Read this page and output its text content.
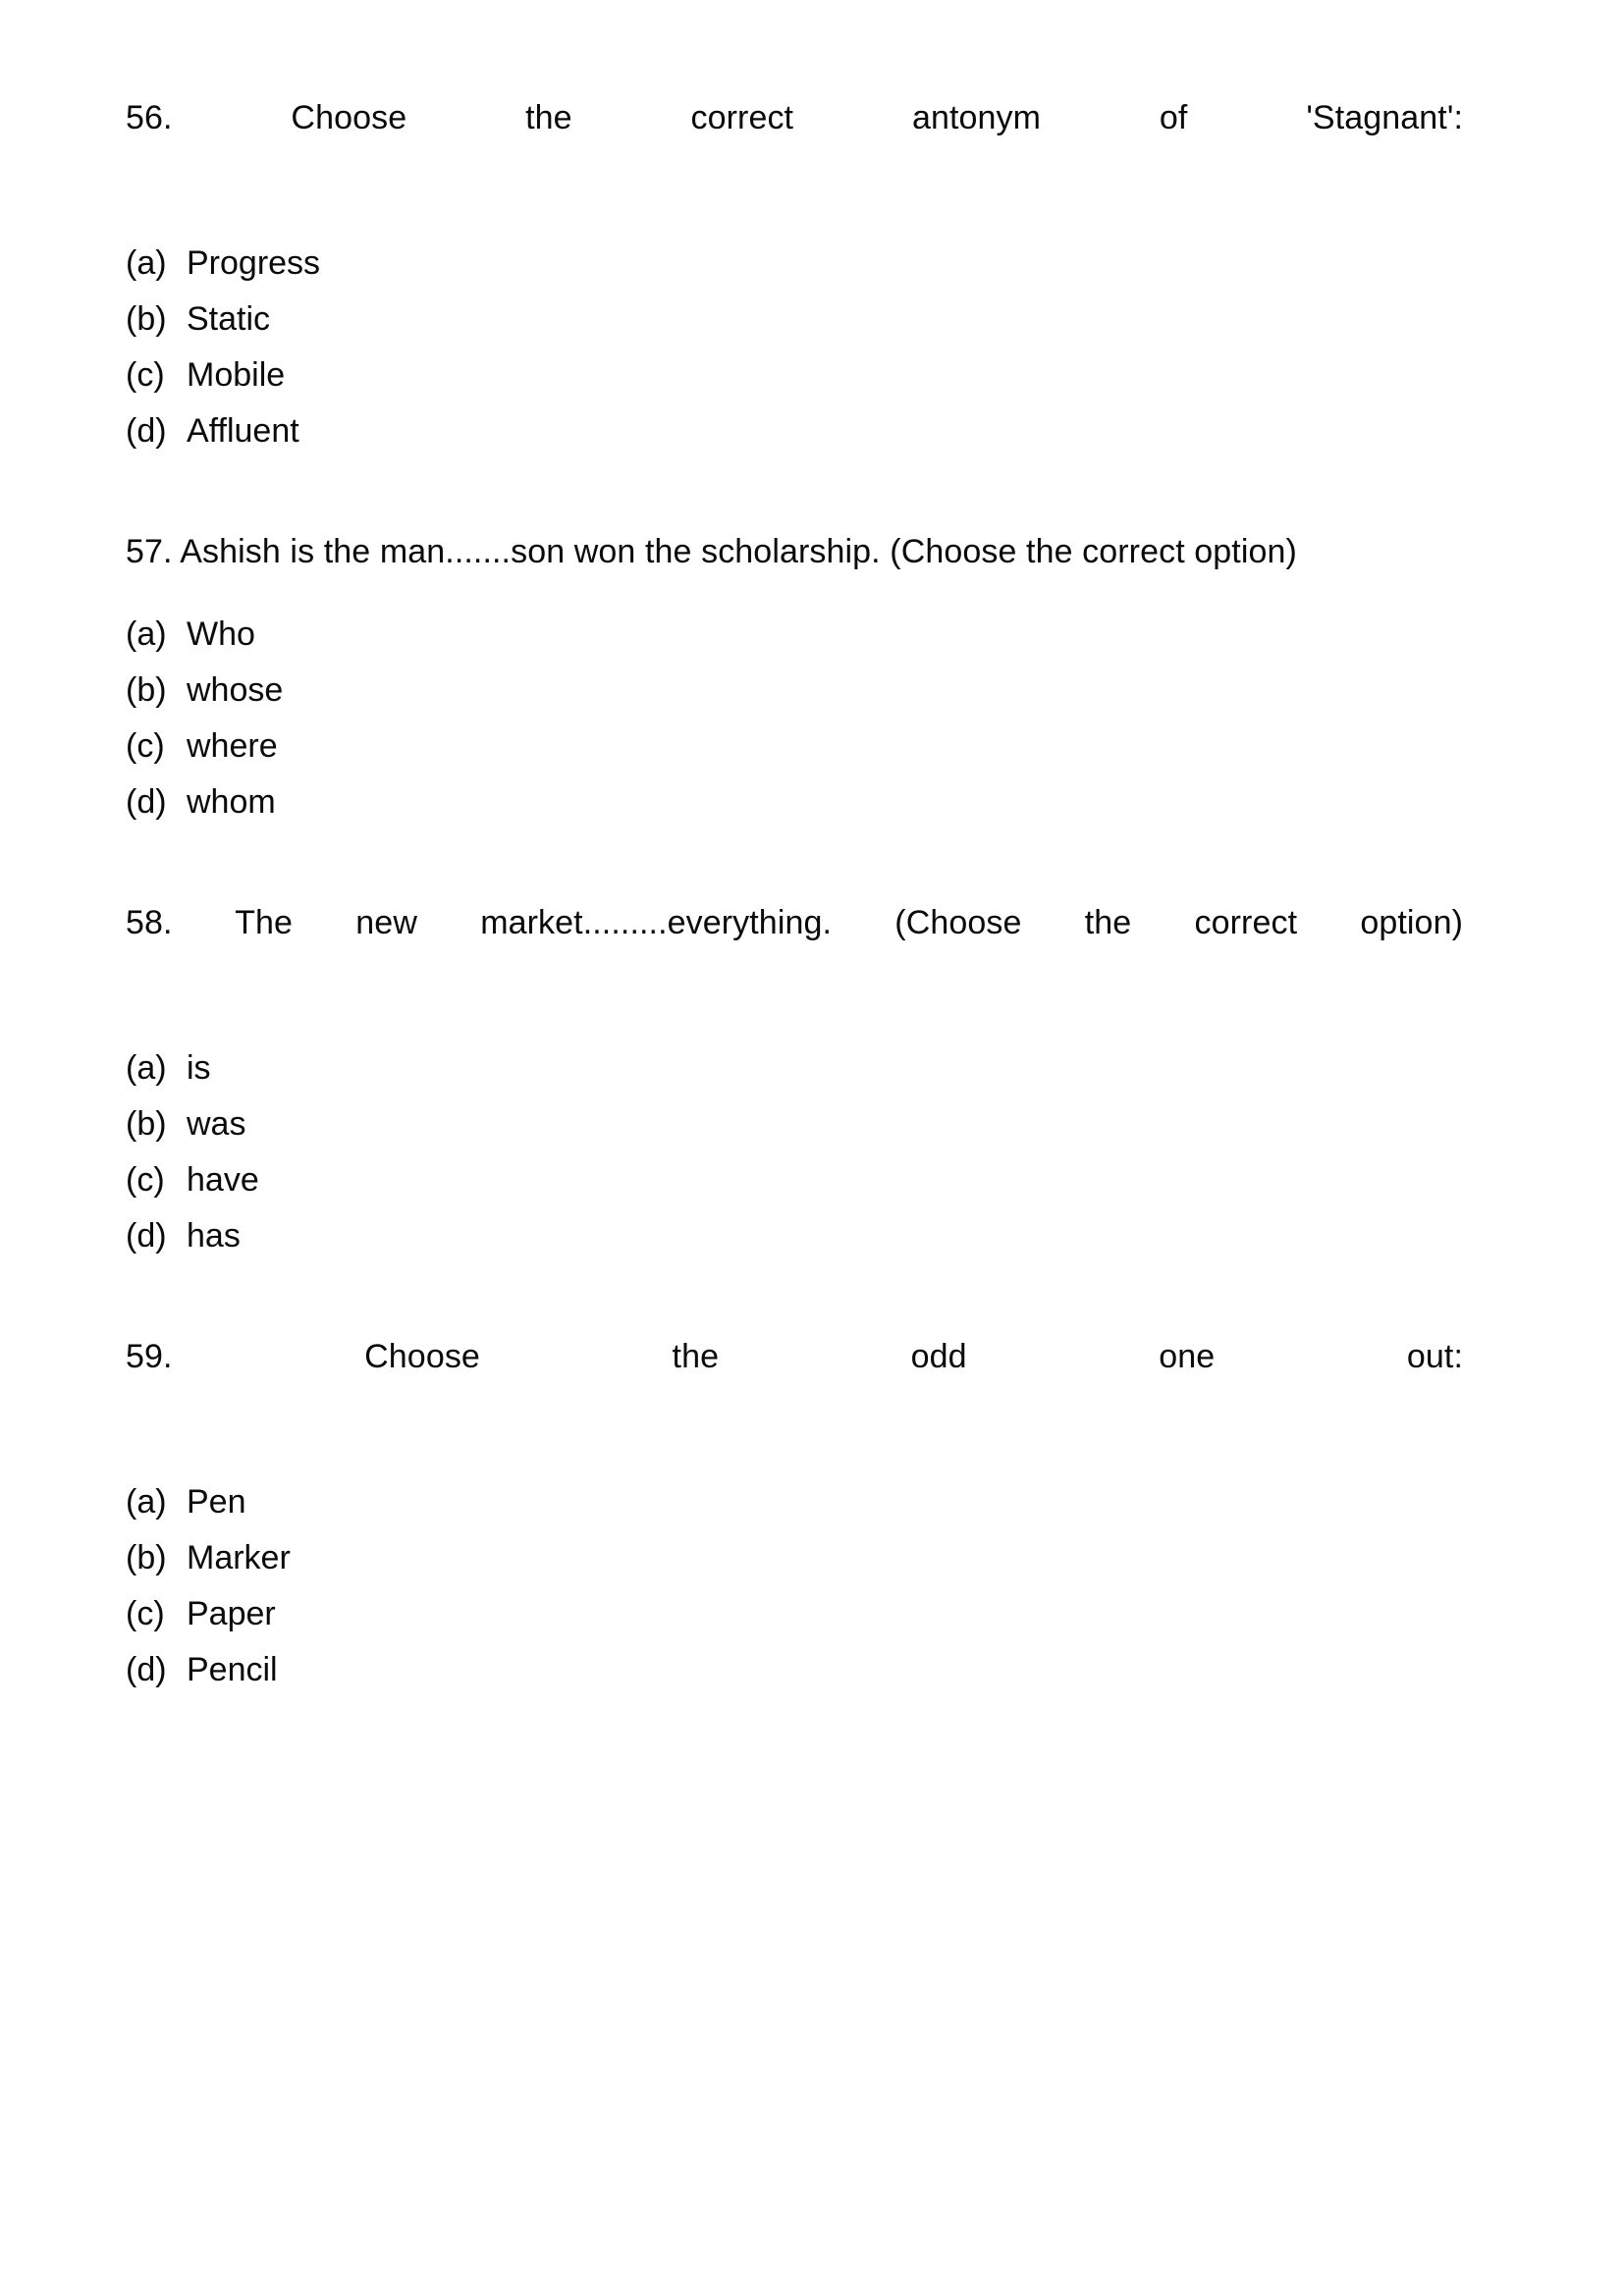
56. Choose the correct antonym of 'Stagnant':

(a) Progress
(b) Static
(c) Mobile
(d) Affluent

57. Ashish is the man.......son won the scholarship. (Choose the correct option)

(a) Who
(b) whose
(c) where
(d) whom

58. The new market.........everything. (Choose the correct option)

(a) is
(b) was
(c) have
(d) has

59. Choose the odd one out:

(a) Pen
(b) Marker
(c) Paper
(d) Pencil
